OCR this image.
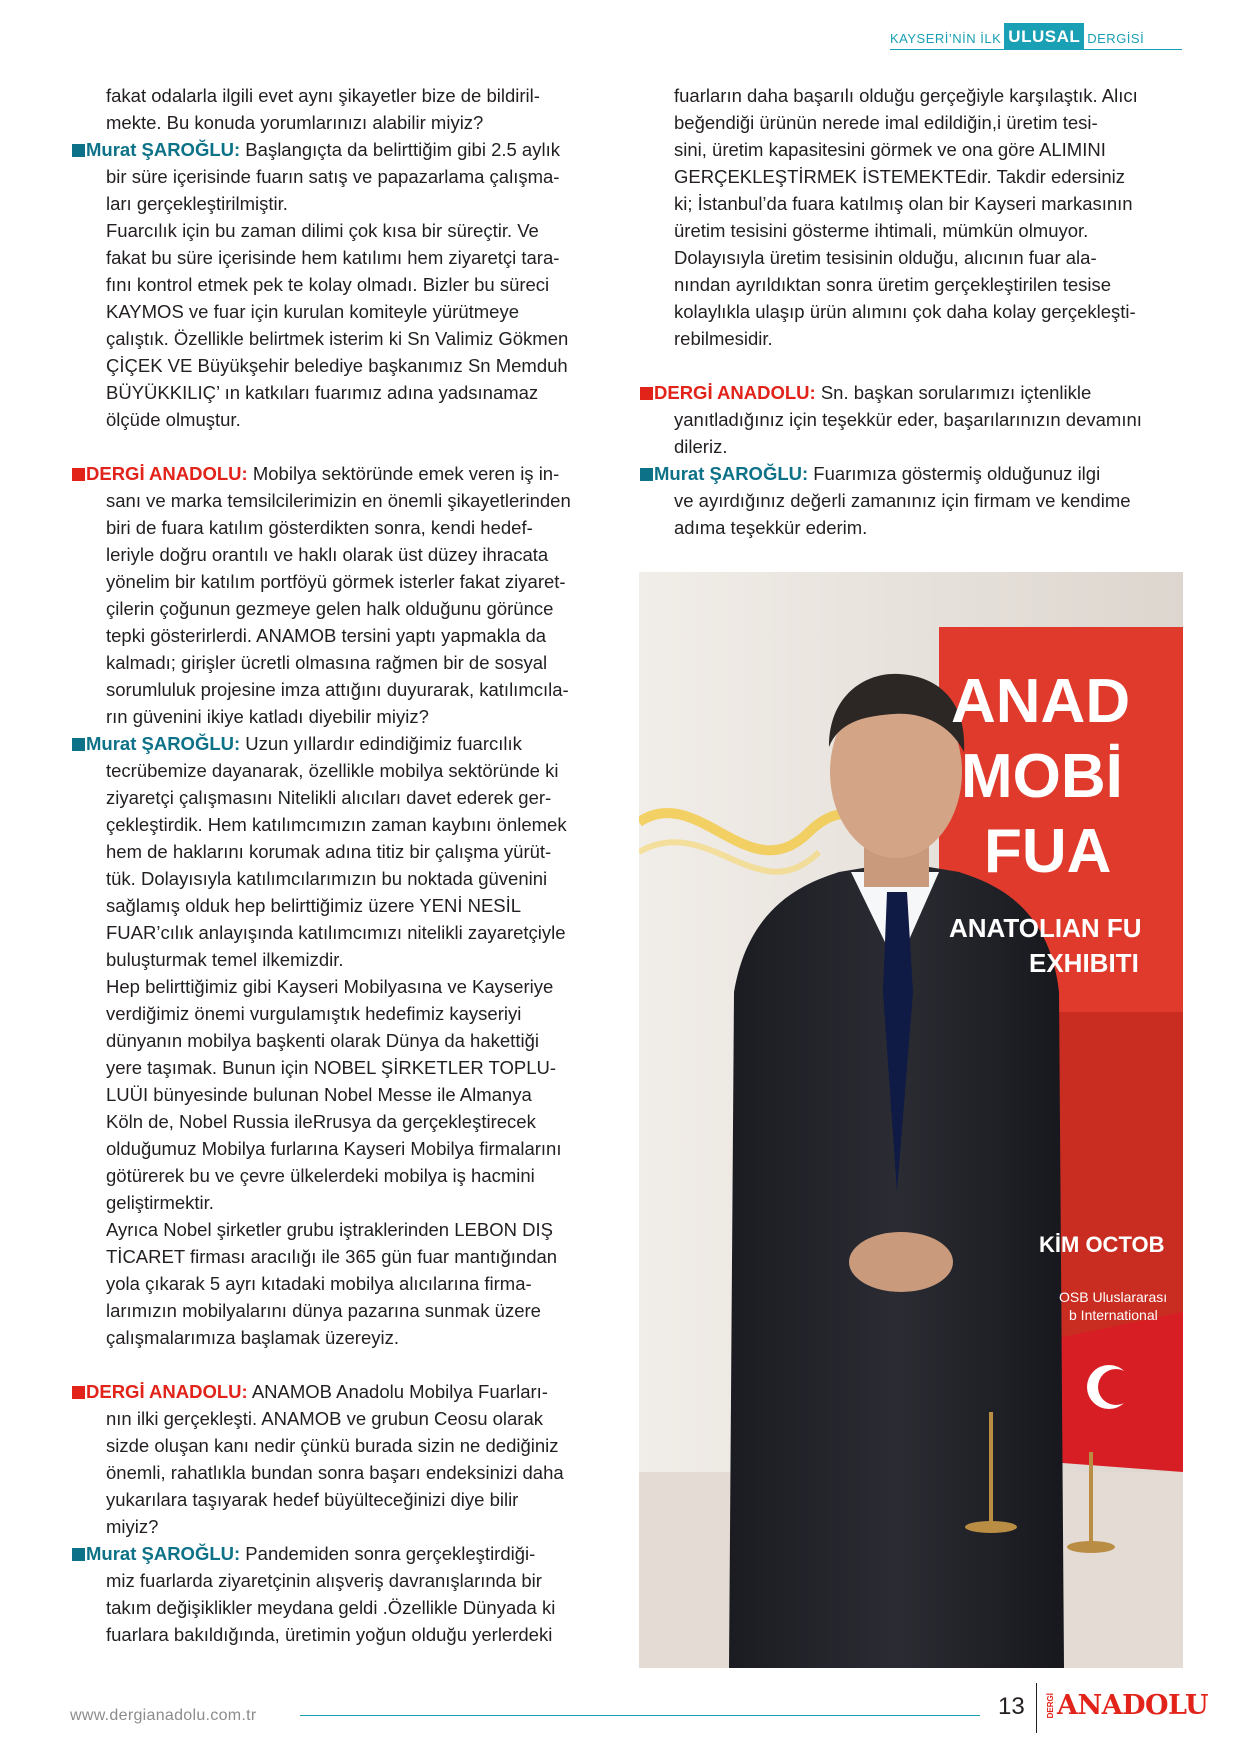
KAYSERİ’NİN İLK ULUSAL DERGİSİ
fakat odalarla ilgili evet aynı şikayetler bize de bildiril-
mekte. Bu konuda yorumlarınızı alabilir miyiz?
Murat ŞAROĞLU: Başlangıçta da belirttiğim gibi 2.5 aylık
bir süre içerisinde fuarın satış ve papazarlama çalışma-
ları gerçekleştirilmiştir.
Fuarcılık için bu zaman dilimi çok kısa bir süreçtir. Ve
fakat bu süre içerisinde hem katılımı hem ziyaretçi tara-
fını kontrol etmek pek te kolay olmadı. Bizler bu süreci
KAYMOS ve fuar için kurulan komiteyle yürütmeye
çalıştık. Özellikle belirtmek isterim ki Sn Valimiz Gökmen
ÇİÇEK VE Büyükşehir belediye başkanımız Sn Memduh
BÜYÜKKILIÇ’ ın katkıları fuarımız adına yadsınamaz
ölçüde olmuştur.
DERGİ ANADOLU: Mobilya sektöründe emek veren iş in-
sanı ve marka temsilcilerimizin en önemli şikayetlerinden
biri de fuara katılım gösterdikten sonra, kendi hedef-
leriyle doğru orantılı ve haklı olarak üst düzey ihracata
yönelim bir katılım portföyü görmek isterler fakat ziyaret-
çilerin çoğunun gezmeye gelen halk olduğunu görünce
tepki gösterirlerdi. ANAMOB tersini yaptı yapmakla da
kalmadı; girişler ücretli olmasına rağmen bir de sosyal
sorumluluk projesine imza attığını duyurarak, katılımcıla-
rın güvenini ikiye katladı diyebilir miyiz?
Murat ŞAROĞLU: Uzun yıllardır edindiğimiz fuarcılık
tecrübemize dayanarak, özellikle mobilya sektöründe ki
ziyaretçi çalışmasını Nitelikli alıcıları davet ederek ger-
çekleştirdik. Hem katılımcımızın zaman kaybını önlemek
hem de haklarını korumak adına titiz bir çalışma yürüt-
tük. Dolayısıyla katılımcılarımızın bu noktada güvenini
sağlamış olduk hep belirttiğimiz üzere YENİ NESİL
FUAR’cılık anlayışında katılımcımızı nitelikli zayaretçiyle
buluşturmak temel ilkemizdir.
Hep belirttiğimiz gibi Kayseri Mobilyasına ve Kayseriye
verdiğimiz önemi vurgulamıştık hedefimiz kayseriyi
dünyanın mobilya başkenti olarak Dünya da hakettiği
yere taşımak. Bunun için NOBEL ŞİRKETLER TOPLU-
LUÜI bünyesinde bulunan Nobel Messe ile Almanya
Köln de, Nobel Russia ileRrusya da gerçekleştirecek
olduğumuz Mobilya furlarına Kayseri Mobilya firmalarını
götürerek bu ve çevre ülkelerdeki mobilya iş hacmini
geliştirmektir.
Ayrıca Nobel şirketler grubu iştraklerinden LEBON DIŞ
TİCARET firması aracılığı ile 365 gün fuar mantığından
yola çıkarak 5 ayrı kıtadaki mobilya alıcılarına firma-
larımızın mobilyalarını dünya pazarına sunmak üzere
çalışmalarımıza başlamak üzereyiz.
DERGİ ANADOLU: ANAMOB Anadolu Mobilya Fuarları-
nın ilki gerçekleşti. ANAMOB ve grubun Ceosu olarak
sizde oluşan kanı nedir çünkü burada sizin ne dediğiniz
önemli, rahatlıkla bundan sonra başarı endeksinizi daha
yukarılara taşıyarak hedef büyülteceğinizi diye bilir
miyiz?
Murat ŞAROĞLU: Pandemiden sonra gerçekleştirdiği-
miz fuarlarda ziyaretçinin alışveriş davranışlarında bir
takım değişiklikler meydana geldi .Özellikle Dünyada ki
fuarlara bakıldığında, üretimin yoğun olduğu yerlerdeki
fuarların daha başarılı olduğu gerçeğiyle karşılaştık. Alıcı
beğendiği ürünün nerede imal edildiğin,i üretim tesi-
sini, üretim kapasitesini görmek ve ona göre ALIMINI
GERÇEKLEŞTİRMEK İSTEMEKTEdir. Takdir edersiniz
ki; İstanbul’da fuara katılmış olan bir Kayseri markasının
üretim tesisini gösterme ihtimali, mümkün olmuyor.
Dolayısıyla üretim tesisinin olduğu, alıcının fuar ala-
nından ayrıldıktan sonra üretim gerçekleştirilen tesise
kolaylıkla ulaşıp ürün alımını çok daha kolay gerçekleşti-
rebilmesidir.
DERGİ ANADOLU: Sn. başkan sorularımızı içtenlikle
yanıtladığınız için teşekkür eder, başarılarınızın devamını
dileriz.
Murat ŞAROĞLU: Fuarımıza göstermiş olduğunuz ilgi
ve ayırdığınız değerli zamanınız için firmam ve kendime
adıma teşekkür ederim.
ANAD
MOBİ
FUA
ANATOLIAN FU
EXHIBITI
KİM OCTOB
OSB Uluslararası
b International
www.dergianadolu.com.tr	13	DERGİ ANADOLU
